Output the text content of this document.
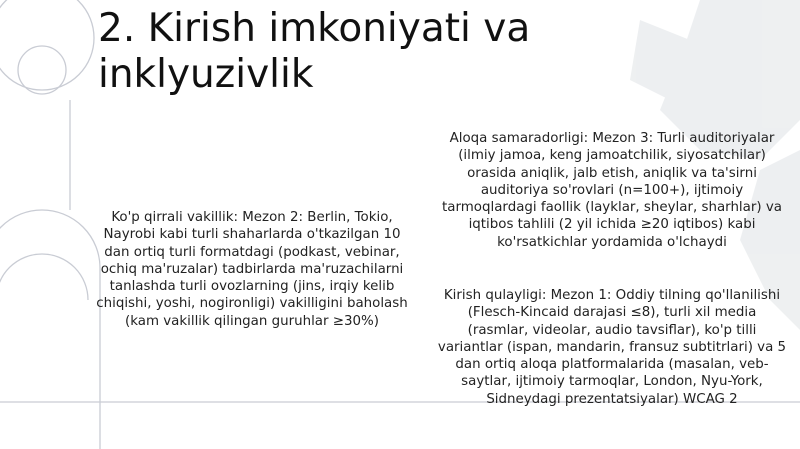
2. Kirish imkoniyati va inklyuzivlik
Ko'p qirrali vakillik: Mezon 2: Berlin, Tokio, Nayrobi kabi turli shaharlarda o'tkazilgan 10 dan ortiq turli formatdagi (podkast, vebinar, ochiq ma'ruzalar) tadbirlarda ma'ruzachilarni tanlashda turli ovozlarning (jins, irqiy kelib chiqishi, yoshi, nogironligi) vakilligini baholash (kam vakillik qilingan guruhlar ≥30%)
Aloqa samaradorligi: Mezon 3: Turli auditoriyalar (ilmiy jamoa, keng jamoatchilik, siyosatchilar) orasida aniqlik, jalb etish, aniqlik va ta'sirni auditoriya so'rovlari (n=100+), ijtimoiy tarmoqlardagi faollik (layklar, sheylar, sharhlar) va iqtibos tahlili (2 yil ichida ≥20 iqtibos) kabi ko'rsatkichlar yordamida o'lchaydi
Kirish qulayligi: Mezon 1: Oddiy tilning qo'llanilishi (Flesch-Kincaid darajasi ≤8), turli xil media (rasmlar, videolar, audio tavsiflar), ko'p tilli variantlar (ispan, mandarin, fransuz subtitrlari) va 5 dan ortiq aloqa platformalarida (masalan, veb-saytlar, ijtimoiy tarmoqlar, London, Nyu-York, Sidneydagi prezentatsiyalar) WCAG 2
